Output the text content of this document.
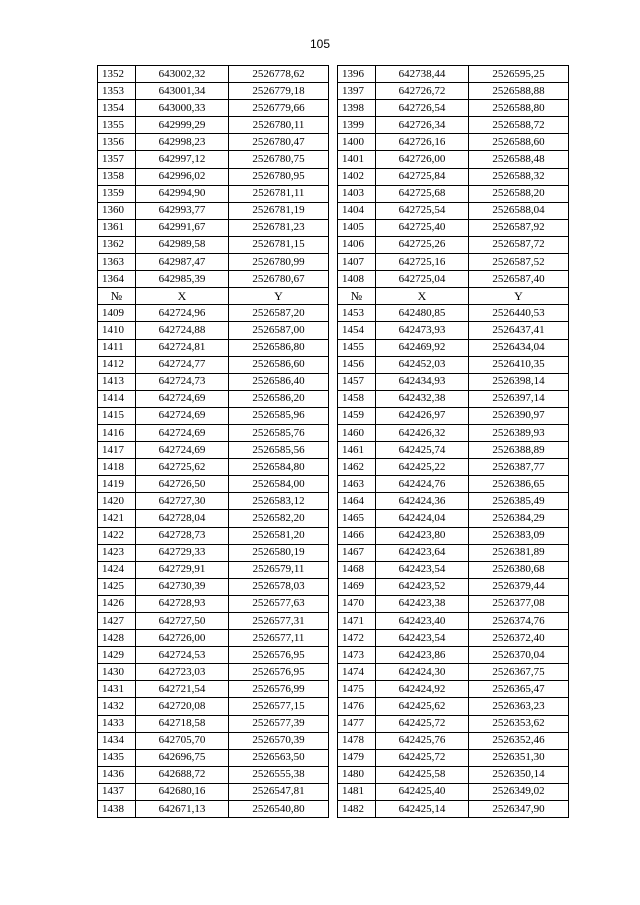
105
1352	643002,32	2526778,62		1396	642738,44	2526595,25
1353	643001,34	2526779,18		1397	642726,72	2526588,88
1354	643000,33	2526779,66		1398	642726,54	2526588,80
1355	642999,29	2526780,11		1399	642726,34	2526588,72
1356	642998,23	2526780,47		1400	642726,16	2526588,60
1357	642997,12	2526780,75		1401	642726,00	2526588,48
1358	642996,02	2526780,95		1402	642725,84	2526588,32
1359	642994,90	2526781,11		1403	642725,68	2526588,20
1360	642993,77	2526781,19		1404	642725,54	2526588,04
1361	642991,67	2526781,23		1405	642725,40	2526587,92
1362	642989,58	2526781,15		1406	642725,26	2526587,72
1363	642987,47	2526780,99		1407	642725,16	2526587,52
1364	642985,39	2526780,67		1408	642725,04	2526587,40
№	X	Y		№	X	Y
1409	642724,96	2526587,20		1453	642480,85	2526440,53
1410	642724,88	2526587,00		1454	642473,93	2526437,41
1411	642724,81	2526586,80		1455	642469,92	2526434,04
1412	642724,77	2526586,60		1456	642452,03	2526410,35
1413	642724,73	2526586,40		1457	642434,93	2526398,14
1414	642724,69	2526586,20		1458	642432,38	2526397,14
1415	642724,69	2526585,96		1459	642426,97	2526390,97
1416	642724,69	2526585,76		1460	642426,32	2526389,93
1417	642724,69	2526585,56		1461	642425,74	2526388,89
1418	642725,62	2526584,80		1462	642425,22	2526387,77
1419	642726,50	2526584,00		1463	642424,76	2526386,65
1420	642727,30	2526583,12		1464	642424,36	2526385,49
1421	642728,04	2526582,20		1465	642424,04	2526384,29
1422	642728,73	2526581,20		1466	642423,80	2526383,09
1423	642729,33	2526580,19		1467	642423,64	2526381,89
1424	642729,91	2526579,11		1468	642423,54	2526380,68
1425	642730,39	2526578,03		1469	642423,52	2526379,44
1426	642728,93	2526577,63		1470	642423,38	2526377,08
1427	642727,50	2526577,31		1471	642423,40	2526374,76
1428	642726,00	2526577,11		1472	642423,54	2526372,40
1429	642724,53	2526576,95		1473	642423,86	2526370,04
1430	642723,03	2526576,95		1474	642424,30	2526367,75
1431	642721,54	2526576,99		1475	642424,92	2526365,47
1432	642720,08	2526577,15		1476	642425,62	2526363,23
1433	642718,58	2526577,39		1477	642425,72	2526353,62
1434	642705,70	2526570,39		1478	642425,76	2526352,46
1435	642696,75	2526563,50		1479	642425,72	2526351,30
1436	642688,72	2526555,38		1480	642425,58	2526350,14
1437	642680,16	2526547,81		1481	642425,40	2526349,02
1438	642671,13	2526540,80		1482	642425,14	2526347,90
